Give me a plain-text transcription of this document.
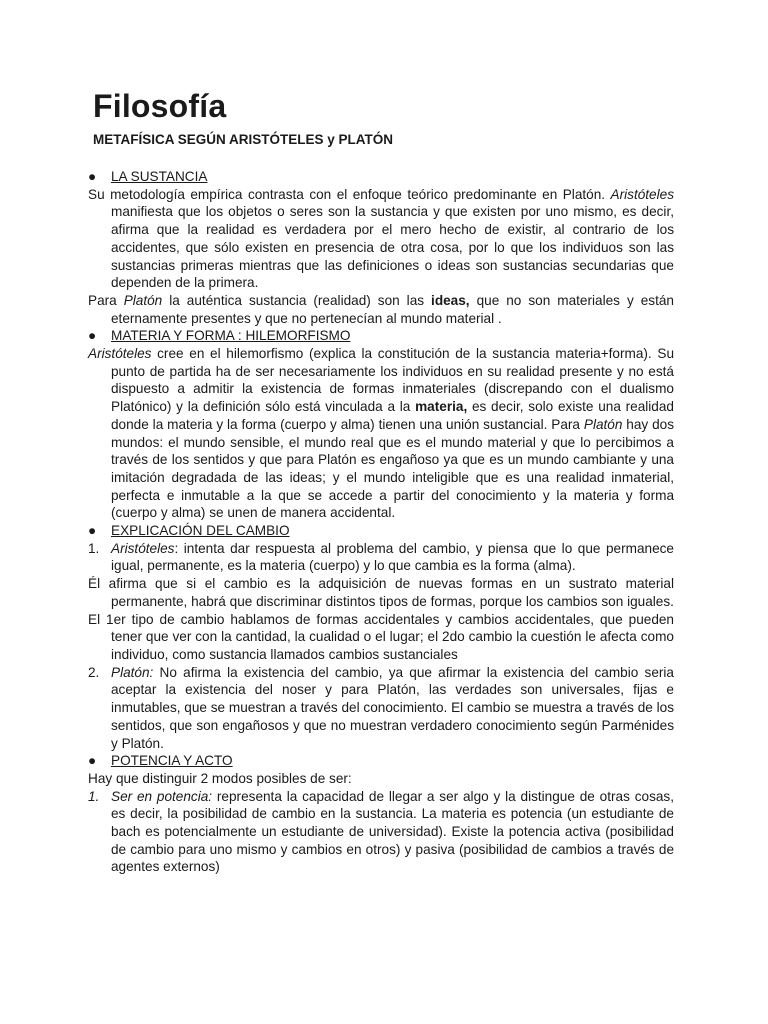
Filosofía
METAFÍSICA SEGÚN ARISTÓTELES y PLATÓN

● LA SUSTANCIA

Su metodología empírica contrasta con el enfoque teórico predominante en Platón. Aristóteles manifiesta que los objetos o seres son la sustancia y que existen por uno mismo, es decir, afirma que la realidad es verdadera por el mero hecho de existir, al contrario de los accidentes, que sólo existen en presencia de otra cosa, por lo que los individuos son las sustancias primeras mientras que las definiciones o ideas son sustancias secundarias que dependen de la primera.

Para Platón la auténtica sustancia (realidad) son las ideas, que no son materiales y están eternamente presentes y que no pertenecían al mundo material .

● MATERIA Y FORMA : HILEMORFISMO

Aristóteles cree en el hilemorfismo (explica la constitución de la sustancia materia+forma). Su punto de partida ha de ser necesariamente los individuos en su realidad presente y no está dispuesto a admitir la existencia de formas inmateriales (discrepando con el dualismo Platónico) y la definición sólo está vinculada a la materia, es decir, solo existe una realidad donde la materia y la forma (cuerpo y alma) tienen una unión sustancial. Para Platón hay dos mundos: el mundo sensible, el mundo real que es el mundo material y que lo percibimos a través de los sentidos y que para Platón es engañoso ya que es un mundo cambiante y una imitación degradada de las ideas; y el mundo inteligible que es una realidad inmaterial, perfecta e inmutable a la que se accede a partir del conocimiento y la materia y forma (cuerpo y alma) se unen de manera accidental.

● EXPLICACIÓN DEL CAMBIO

1. Aristóteles: intenta dar respuesta al problema del cambio, y piensa que lo que permanece igual, permanente, es la materia (cuerpo) y lo que cambia es la forma (alma).

Él afirma que si el cambio es la adquisición de nuevas formas en un sustrato material permanente, habrá que discriminar distintos tipos de formas, porque los cambios son iguales.

El 1er tipo de cambio hablamos de formas accidentales y cambios accidentales, que pueden tener que ver con la cantidad, la cualidad o el lugar; el 2do cambio la cuestión le afecta como individuo, como sustancia llamados cambios sustanciales

2. Platón: No afirma la existencia del cambio, ya que afirmar la existencia del cambio seria aceptar la existencia del noser y para Platón, las verdades son universales, fijas e inmutables, que se muestran a través del conocimiento. El cambio se muestra a través de los sentidos, que son engañosos y que no muestran verdadero conocimiento según Parménides y Platón.

● POTENCIA Y ACTO

Hay que distinguir 2 modos posibles de ser:

1. Ser en potencia: representa la capacidad de llegar a ser algo y la distingue de otras cosas, es decir, la posibilidad de cambio en la sustancia. La materia es potencia (un estudiante de bach es potencialmente un estudiante de universidad). Existe la potencia activa (posibilidad de cambio para uno mismo y cambios en otros) y pasiva (posibilidad de cambios a través de agentes externos)
